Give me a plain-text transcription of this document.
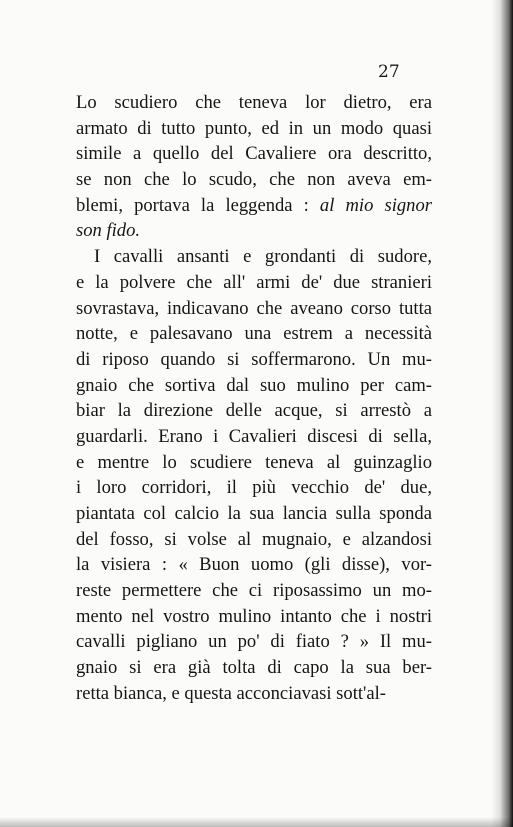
27
Lo scudiero che teneva lor dietro, era
armato di tutto punto, ed in un modo quasi
simile a quello del Cavaliere ora descritto,
se non che lo scudo, che non aveva em-
blemi, portava la leggenda : al mio signor
son fido.
I cavalli ansanti e grondanti di sudore,
e la polvere che all' armi de' due stranieri
sovrastava, indicavano che aveano corso tutta
notte, e palesavano una estrem a necessità
di riposo quando si soffermarono. Un mu-
gnaio che sortiva dal suo mulino per cam-
biar la direzione delle acque, si arrestò a
guardarli. Erano i Cavalieri discesi di sella,
e mentre lo scudiere teneva al guinzaglio
i loro corridori, il più vecchio de' due,
piantata col calcio la sua lancia sulla sponda
del fosso, si volse al mugnaio, e alzandosi
la visiera : « Buon uomo (gli disse), vor-
reste permettere che ci riposassimo un mo-
mento nel vostro mulino intanto che i nostri
cavalli pigliano un po' di fiato ? » Il mu-
gnaio si era già tolta di capo la sua ber-
retta bianca, e questa acconciavasi sott'al-
